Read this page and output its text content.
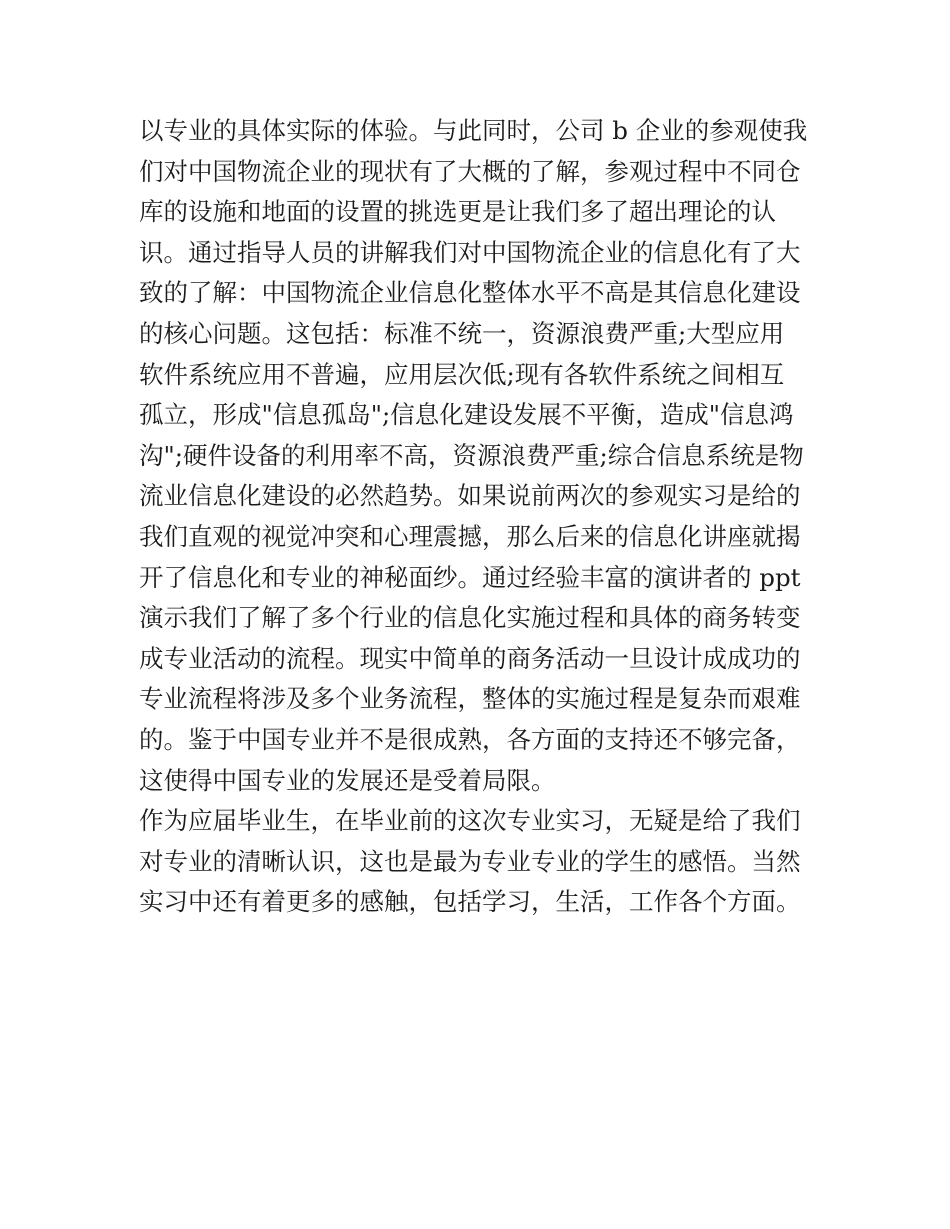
以专业的具体实际的体验。与此同时，公司 b 企业的参观使我
们对中国物流企业的现状有了大概的了解，参观过程中不同仓
库的设施和地面的设置的挑选更是让我们多了超出理论的认
识。通过指导人员的讲解我们对中国物流企业的信息化有了大
致的了解：中国物流企业信息化整体水平不高是其信息化建设
的核心问题。这包括：标准不统一，资源浪费严重;大型应用
软件系统应用不普遍，应用层次低;现有各软件系统之间相互
孤立，形成"信息孤岛";信息化建设发展不平衡，造成"信息鸿
沟";硬件设备的利用率不高，资源浪费严重;综合信息系统是物
流业信息化建设的必然趋势。如果说前两次的参观实习是给的
我们直观的视觉冲突和心理震撼，那么后来的信息化讲座就揭
开了信息化和专业的神秘面纱。通过经验丰富的演讲者的 ppt
演示我们了解了多个行业的信息化实施过程和具体的商务转变
成专业活动的流程。现实中简单的商务活动一旦设计成成功的
专业流程将涉及多个业务流程，整体的实施过程是复杂而艰难
的。鉴于中国专业并不是很成熟，各方面的支持还不够完备，
这使得中国专业的发展还是受着局限。
作为应届毕业生，在毕业前的这次专业实习，无疑是给了我们
对专业的清晰认识，这也是最为专业专业的学生的感悟。当然
实习中还有着更多的感触，包括学习，生活，工作各个方面。
